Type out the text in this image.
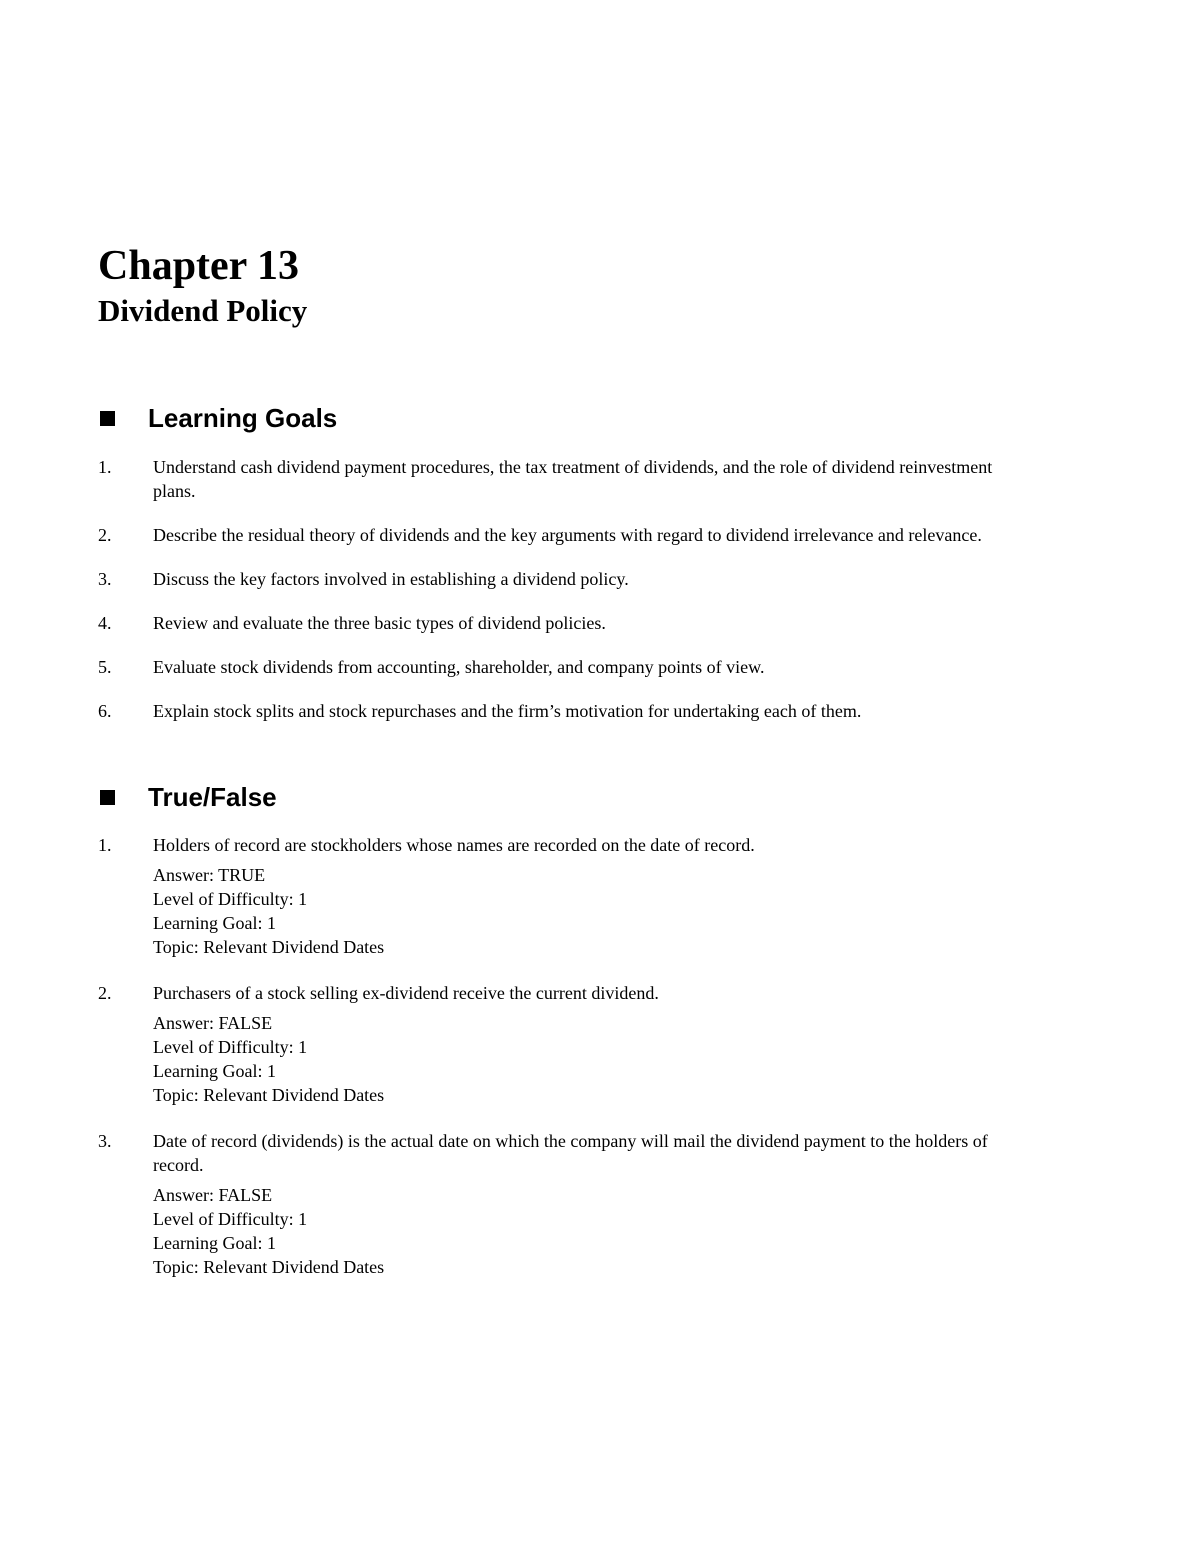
Chapter 13
Dividend Policy
Learning Goals
1.	Understand cash dividend payment procedures, the tax treatment of dividends, and the role of dividend reinvestment plans.
2.	Describe the residual theory of dividends and the key arguments with regard to dividend irrelevance and relevance.
3.	Discuss the key factors involved in establishing a dividend policy.
4.	Review and evaluate the three basic types of dividend policies.
5.	Evaluate stock dividends from accounting, shareholder, and company points of view.
6.	Explain stock splits and stock repurchases and the firm’s motivation for undertaking each of them.
True/False
1.	Holders of record are stockholders whose names are recorded on the date of record.
Answer: TRUE
Level of Difficulty: 1
Learning Goal: 1
Topic: Relevant Dividend Dates
2.	Purchasers of a stock selling ex-dividend receive the current dividend.
Answer: FALSE
Level of Difficulty: 1
Learning Goal: 1
Topic: Relevant Dividend Dates
3.	Date of record (dividends) is the actual date on which the company will mail the dividend payment to the holders of record.
Answer: FALSE
Level of Difficulty: 1
Learning Goal: 1
Topic: Relevant Dividend Dates
